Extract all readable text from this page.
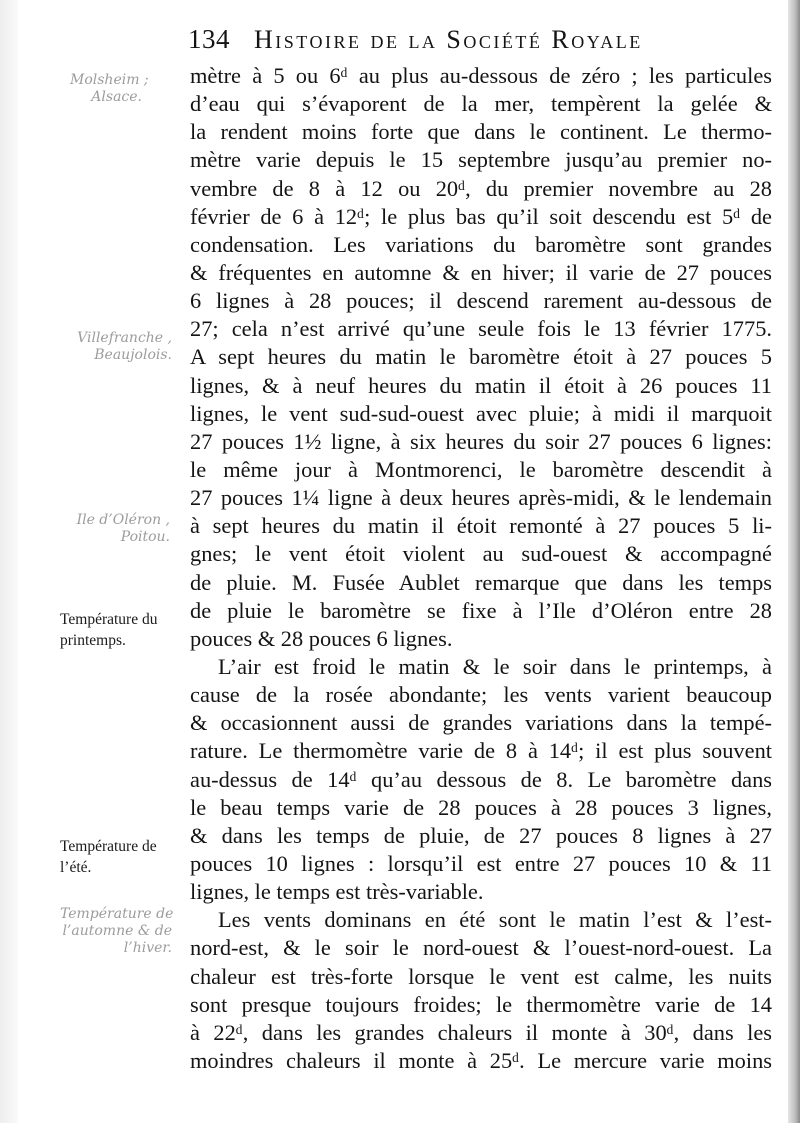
134 Histoire de la Société Royale
Molsheim ;
Alsace.
Villefranche ,
Beaujolois.
Ile d’Oléron ,
Poitou.
Température de
l’automne & de
l’hiver.
Température du
printemps.
Température de
l’été.
mètre à 5 ou 6ᵈ au plus au-dessous de zéro ; les particules
d’eau qui s’évaporent de la mer, tempèrent la gelée &
la rendent moins forte que dans le continent. Le thermo-
mètre varie depuis le 15 septembre jusqu’au premier no-
vembre de 8 à 12 ou 20ᵈ, du premier novembre au 28
février de 6 à 12ᵈ; le plus bas qu’il soit descendu est 5ᵈ de
condensation. Les variations du baromètre sont grandes
& fréquentes en automne & en hiver; il varie de 27 pouces
6 lignes à 28 pouces; il descend rarement au-dessous de
27; cela n’est arrivé qu’une seule fois le 13 février 1775.
A sept heures du matin le baromètre étoit à 27 pouces 5
lignes, & à neuf heures du matin il étoit à 26 pouces 11
lignes, le vent sud-sud-ouest avec pluie; à midi il marquoit
27 pouces 1½ ligne, à six heures du soir 27 pouces 6 lignes:
le même jour à Montmorenci, le baromètre descendit à
27 pouces 1¼ ligne à deux heures après-midi, & le lendemain
à sept heures du matin il étoit remonté à 27 pouces 5 li-
gnes; le vent étoit violent au sud-ouest & accompagné
de pluie. M. Fusée Aublet remarque que dans les temps
de pluie le baromètre se fixe à l’Ile d’Oléron entre 28
pouces & 28 pouces 6 lignes.
L’air est froid le matin & le soir dans le printemps, à
cause de la rosée abondante; les vents varient beaucoup
& occasionnent aussi de grandes variations dans la tempé-
rature. Le thermomètre varie de 8 à 14ᵈ; il est plus souvent
au-dessus de 14ᵈ qu’au dessous de 8. Le baromètre dans
le beau temps varie de 28 pouces à 28 pouces 3 lignes,
& dans les temps de pluie, de 27 pouces 8 lignes à 27
pouces 10 lignes : lorsqu’il est entre 27 pouces 10 & 11
lignes, le temps est très-variable.
Les vents dominans en été sont le matin l’est & l’est-
nord-est, & le soir le nord-ouest & l’ouest-nord-ouest. La
chaleur est très-forte lorsque le vent est calme, les nuits
sont presque toujours froides; le thermomètre varie de 14
à 22ᵈ, dans les grandes chaleurs il monte à 30ᵈ, dans les
moindres chaleurs il monte à 25ᵈ. Le mercure varie moins
